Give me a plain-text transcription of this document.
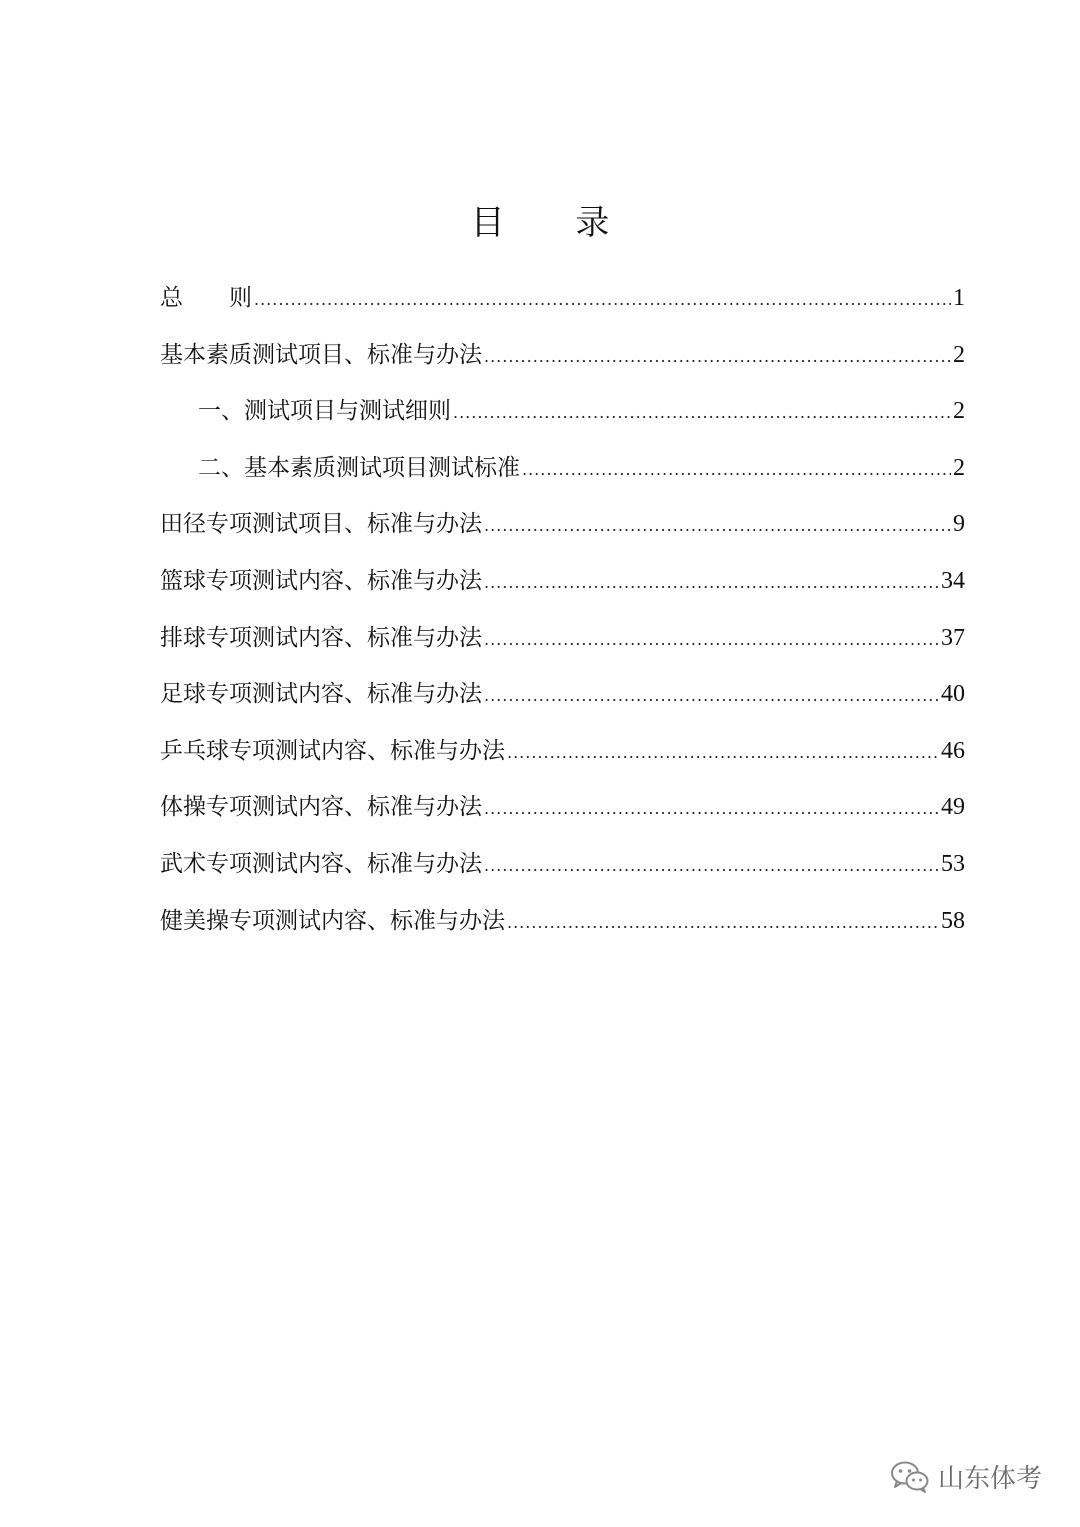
目 录
总　　则 .....	1
基本素质测试项目、标准与办法 .....	2
一、测试项目与测试细则 .....	2
二、基本素质测试项目测试标准 .....	2
田径专项测试项目、标准与办法 .....	9
篮球专项测试内容、标准与办法 .....	34
排球专项测试内容、标准与办法 .....	37
足球专项测试内容、标准与办法 .....	40
乒乓球专项测试内容、标准与办法 .....	46
体操专项测试内容、标准与办法 .....	49
武术专项测试内容、标准与办法 .....	53
健美操专项测试内容、标准与办法 .....	58
山东体考
